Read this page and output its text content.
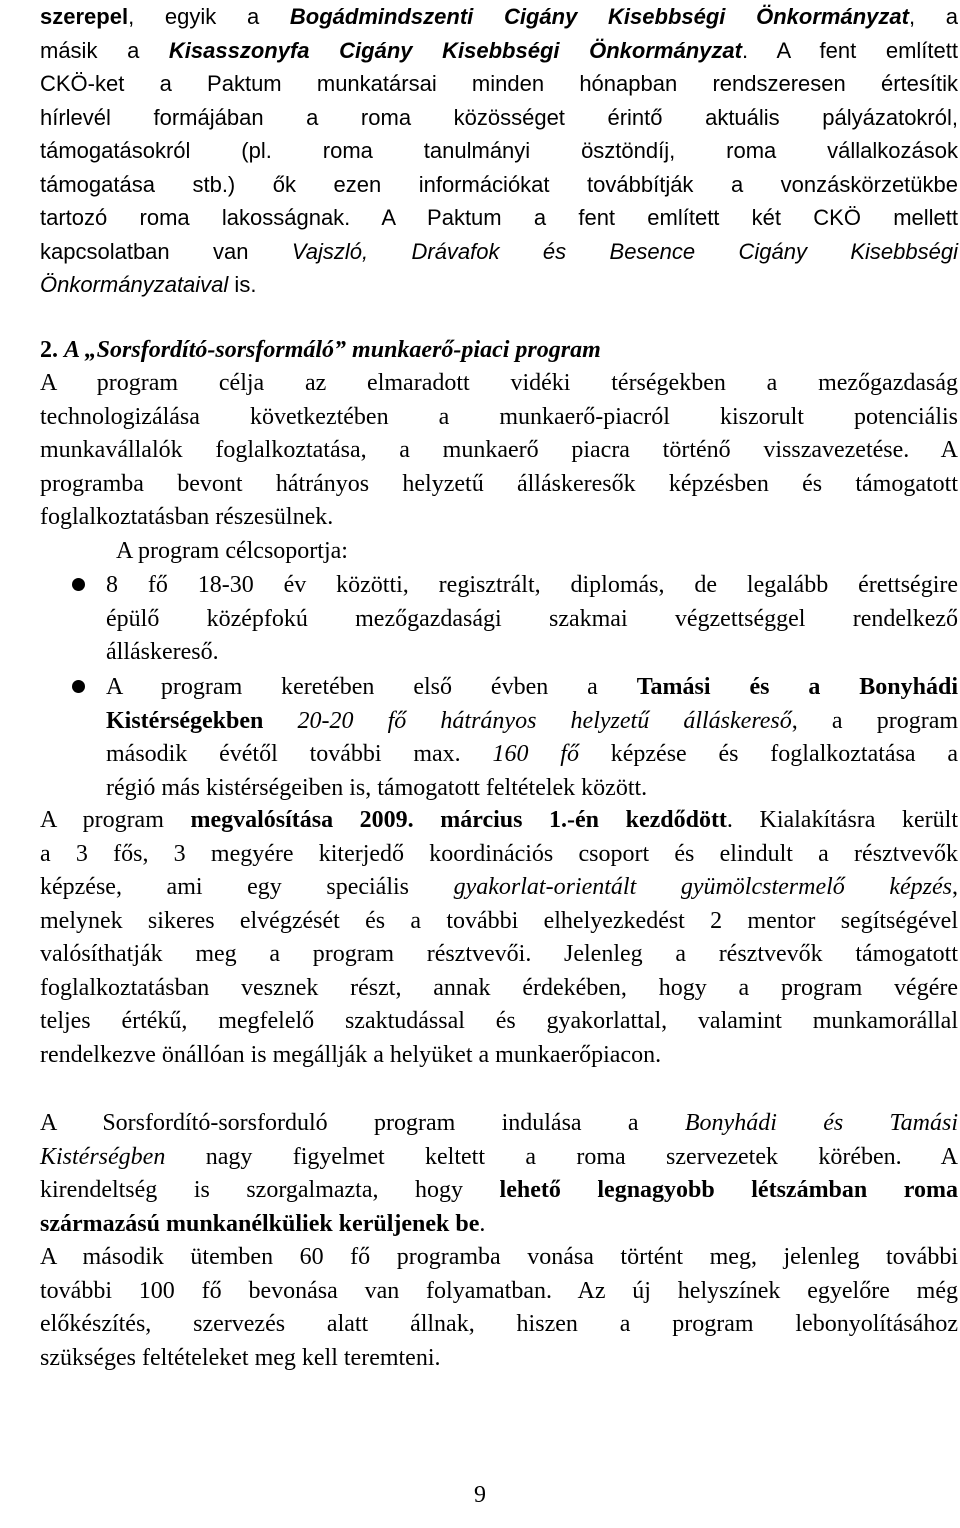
szerepel, egyik a Bogádmindszenti Cigány Kisebbségi Önkormányzat, a
másik a Kisasszonyfa Cigány Kisebbségi Önkormányzat. A fent említett
CKÖ-ket a Paktum munkatársai minden hónapban rendszeresen értesítik
hírlevél formájában a roma közösséget érintő aktuális pályázatokról,
támogatásokról (pl. roma tanulmányi ösztöndíj, roma vállalkozások
támogatása stb.) ők ezen információkat továbbítják a vonzáskörzetükbe
tartozó roma lakosságnak. A Paktum a fent említett két CKÖ mellett
kapcsolatban van Vajszló, Drávafok és Besence Cigány Kisebbségi
Önkormányzataival is.
2. A „Sorsfordító-sorsformáló” munkaerő-piaci program
A program célja az elmaradott vidéki térségekben a mezőgazdaság
technologizálása következtében a munkaerő-piacról kiszorult potenciális
munkavállalók foglalkoztatása, a munkaerő piacra történő visszavezetése. A
programba bevont hátrányos helyzetű álláskeresők képzésben és támogatott
foglalkoztatásban részesülnek.
A program célcsoportja:
8 fő 18-30 év közötti, regisztrált, diplomás, de legalább érettségire
épülő középfokú mezőgazdasági szakmai végzettséggel rendelkező
álláskereső.
A program keretében első évben a Tamási és a Bonyhádi
Kistérségekben 20-20 fő hátrányos helyzetű álláskereső, a program
második évétől további max. 160 fő képzése és foglalkoztatása a
régió más kistérségeiben is, támogatott feltételek között.
A program megvalósítása 2009. március 1.-én kezdődött. Kialakításra került
a 3 fős, 3 megyére kiterjedő koordinációs csoport és elindult a résztvevők
képzése, ami egy speciális gyakorlat-orientált gyümölcstermelő képzés,
melynek sikeres elvégzését és a további elhelyezkedést 2 mentor segítségével
valósíthatják meg a program résztvevői. Jelenleg a résztvevők támogatott
foglalkoztatásban vesznek részt, annak érdekében, hogy a program végére
teljes értékű, megfelelő szaktudással és gyakorlattal, valamint munkamorállal
rendelkezve önállóan is megállják a helyüket a munkaerőpiacon.
A Sorsfordító-sorsforduló program indulása a Bonyhádi és Tamási
Kistérségben nagy figyelmet keltett a roma szervezetek körében. A
kirendeltség is szorgalmazta, hogy lehető legnagyobb létszámban roma
származású munkanélküliek kerüljenek be.
A második ütemben 60 fő programba vonása történt meg, jelenleg további
további 100 fő bevonása van folyamatban. Az új helyszínek egyelőre még
előkészítés, szervezés alatt állnak, hiszen a program lebonyolításához
szükséges feltételeket meg kell teremteni.
9
